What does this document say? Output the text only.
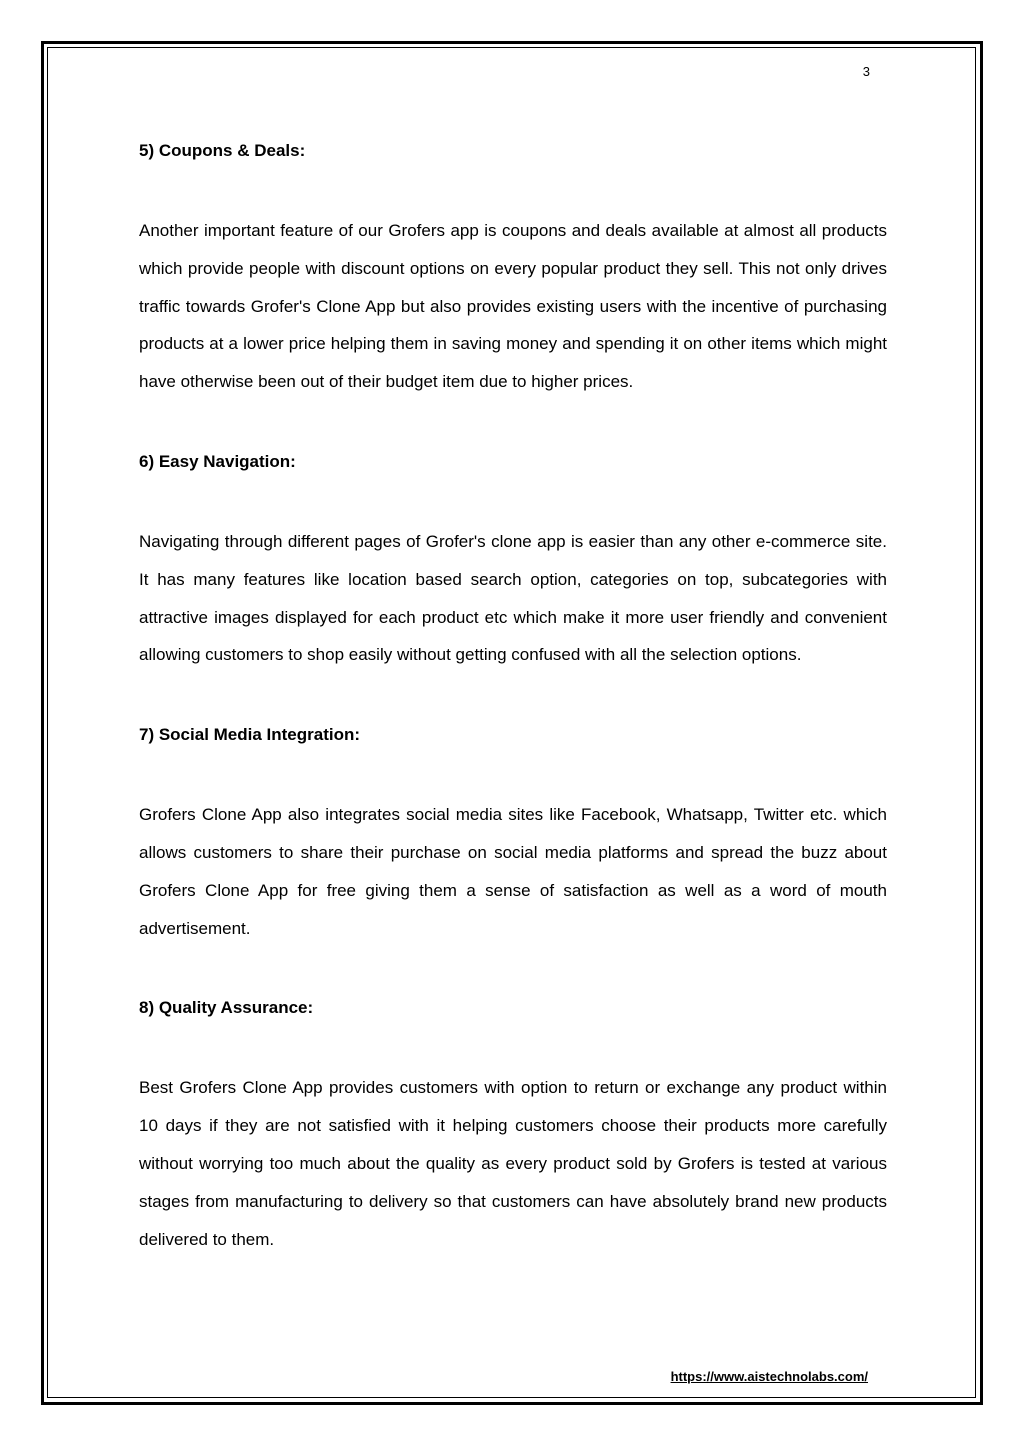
3
5) Coupons & Deals:

Another important feature of our Grofers app is coupons and deals available at almost all products which provide people with discount options on every popular product they sell. This not only drives traffic towards Grofer's Clone App but also provides existing users with the incentive of purchasing products at a lower price helping them in saving money and spending it on other items which might have otherwise been out of their budget item due to higher prices.

6) Easy Navigation:

Navigating through different pages of Grofer's clone app is easier than any other e-commerce site. It has many features like location based search option, categories on top, subcategories with attractive images displayed for each product etc which make it more user friendly and convenient allowing customers to shop easily without getting confused with all the selection options.

7) Social Media Integration:

Grofers Clone App also integrates social media sites like Facebook, Whatsapp, Twitter etc. which allows customers to share their purchase on social media platforms and spread the buzz about Grofers Clone App for free giving them a sense of satisfaction as well as a word of mouth advertisement.

8) Quality Assurance:

Best Grofers Clone App provides customers with option to return or exchange any product within 10 days if they are not satisfied with it helping customers choose their products more carefully without worrying too much about the quality as every product sold by Grofers is tested at various stages from manufacturing to delivery so that customers can have absolutely brand new products delivered to them.

https://www.aistechnolabs.com/
